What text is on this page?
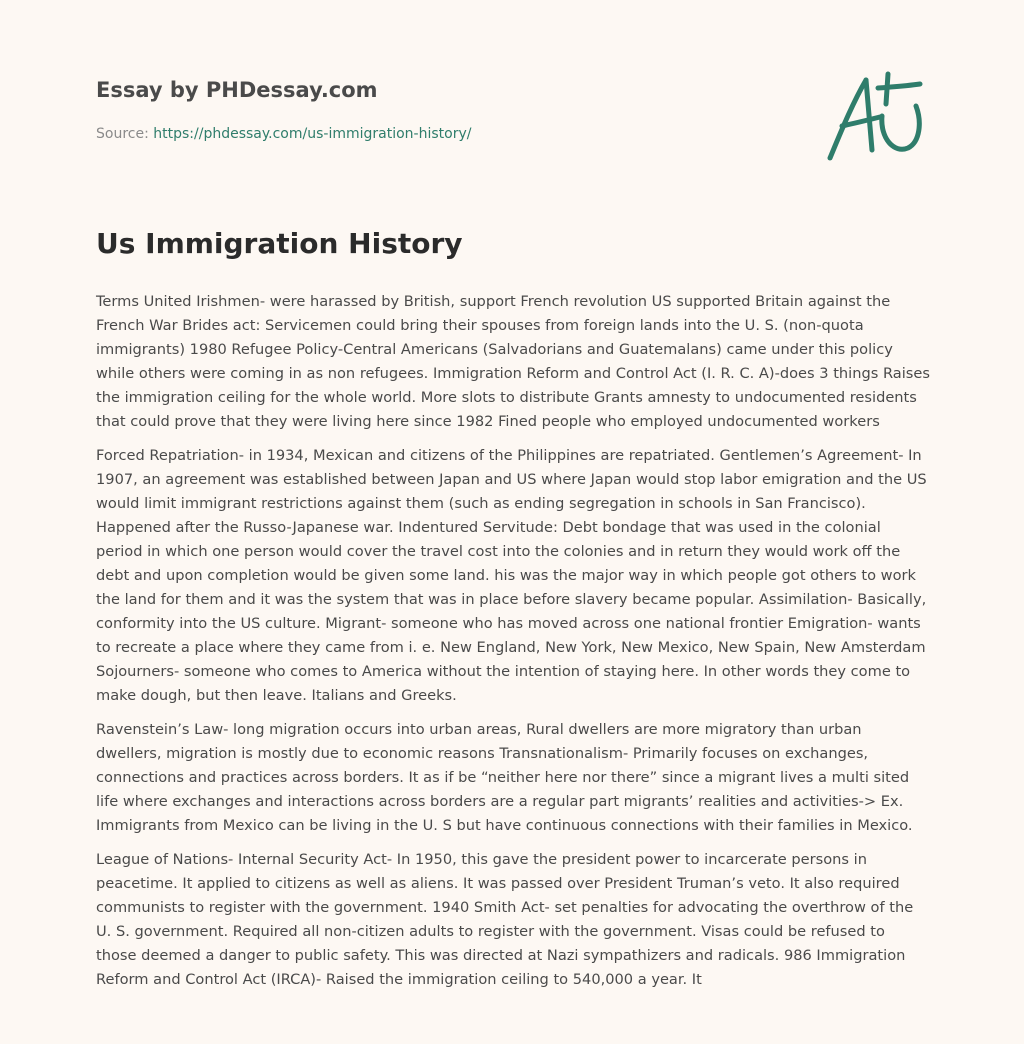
Essay by PHDessay.com
Source: https://phdessay.com/us-immigration-history/
Us Immigration History

Terms United Irishmen- were harassed by British, support French revolution US supported Britain against the French War Brides act: Servicemen could bring their spouses from foreign lands into the U. S. (non-quota immigrants) 1980 Refugee Policy-Central Americans (Salvadorians and Guatemalans) came under this policy while others were coming in as non refugees. Immigration Reform and Control Act (I. R. C. A)-does 3 things Raises the immigration ceiling for the whole world. More slots to distribute Grants amnesty to undocumented residents that could prove that they were living here since 1982 Fined people who employed undocumented workers

Forced Repatriation- in 1934, Mexican and citizens of the Philippines are repatriated. Gentlemen’s Agreement- In 1907, an agreement was established between Japan and US where Japan would stop labor emigration and the US would limit immigrant restrictions against them (such as ending segregation in schools in San Francisco). Happened after the Russo-Japanese war. Indentured Servitude: Debt bondage that was used in the colonial period in which one person would cover the travel cost into the colonies and in return they would work off the debt and upon completion would be given some land. his was the major way in which people got others to work the land for them and it was the system that was in place before slavery became popular. Assimilation- Basically, conformity into the US culture. Migrant- someone who has moved across one national frontier Emigration- wants to recreate a place where they came from i. e. New England, New York, New Mexico, New Spain, New Amsterdam Sojourners- someone who comes to America without the intention of staying here. In other words they come to make dough, but then leave. Italians and Greeks.

Ravenstein’s Law- long migration occurs into urban areas, Rural dwellers are more migratory than urban dwellers, migration is mostly due to economic reasons Transnationalism- Primarily focuses on exchanges, connections and practices across borders. It as if be “neither here nor there” since a migrant lives a multi sited life where exchanges and interactions across borders are a regular part migrants’ realities and activities-> Ex. Immigrants from Mexico can be living in the U. S but have continuous connections with their families in Mexico.

League of Nations- Internal Security Act- In 1950, this gave the president power to incarcerate persons in peacetime. It applied to citizens as well as aliens. It was passed over President Truman’s veto. It also required communists to register with the government. 1940 Smith Act- set penalties for advocating the overthrow of the U. S. government. Required all non-citizen adults to register with the government. Visas could be refused to those deemed a danger to public safety. This was directed at Nazi sympathizers and radicals. 986 Immigration Reform and Control Act (IRCA)- Raised the immigration ceiling to 540,000 a year. It
